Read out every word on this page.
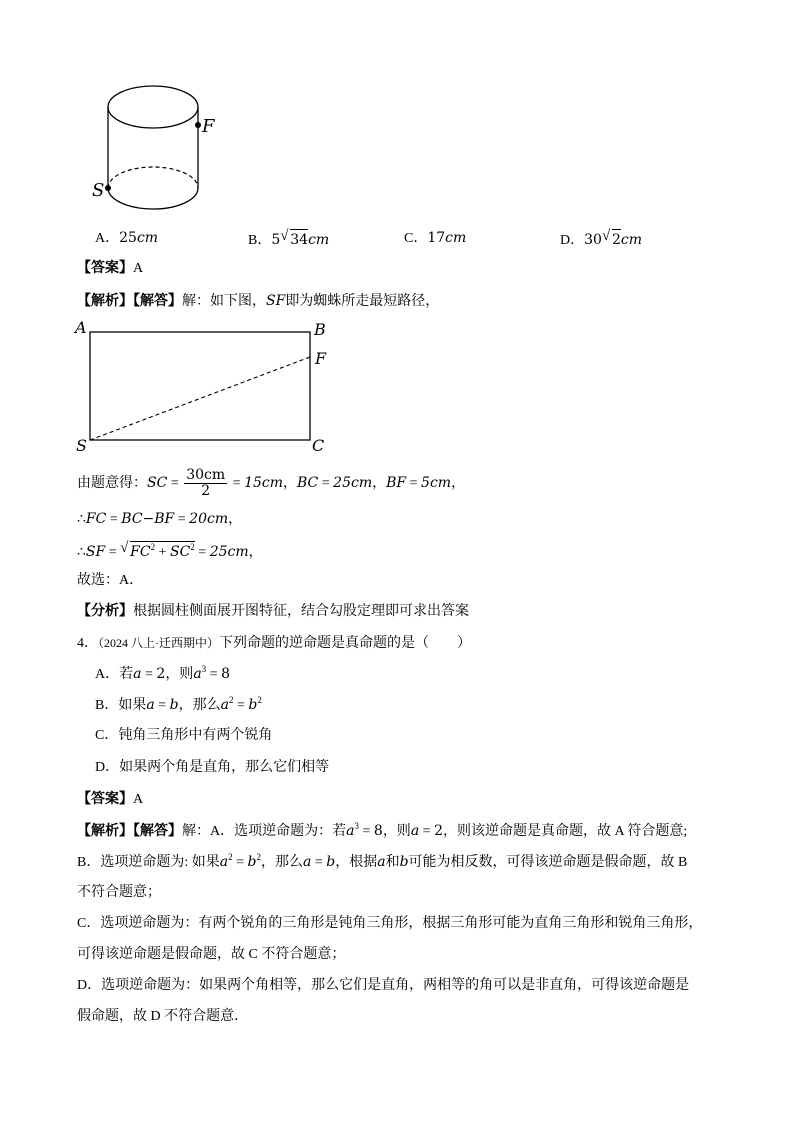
F
S
A．25cm	B．5 √ 34cm	C．17cm	D．30 √ 2cm
【答案】A
【解析】【解答】解：如下图，SF即为蜘蛛所走最短路径，
A	B
F
S	C
由题意得：SC = $\frac{30cm}{2} = 15cm$，BC = 25cm，BF = 5cm，
∴FC = BC−BF = 20cm，
∴SF = √ $FC^2 + SC^2 = 25cm$，
故选：A．
【分析】根据圆柱侧面展开图特征，结合勾股定理即可求出答案
4．（2024 八上·迁西期中）下列命题的逆命题是真命题的是（　　）
A．若a = 2，则$a^3 = 8$
B．如果a = b，那么$a^2 = b^2$
C．钝角三角形中有两个锐角
D．如果两个角是直角，那么它们相等
【答案】A
【解析】【解答】解：A．选项逆命题为：若$a^3 = 8$，则a = 2，则该逆命题是真命题，故 A 符合题意;
B．选项逆命题为: 如果$a^2 = b^2$，那么a = b，根据a和b可能为相反数，可得该逆命题是假命题，故 B
不符合题意；
C．选项逆命题为：有两个锐角的三角形是钝角三角形，根据三角形可能为直角三角形和锐角三角形，
可得该逆命题是假命题，故 C 不符合题意；
D．选项逆命题为：如果两个角相等，那么它们是直角，两相等的角可以是非直角，可得该逆命题是
假命题，故 D 不符合题意．
